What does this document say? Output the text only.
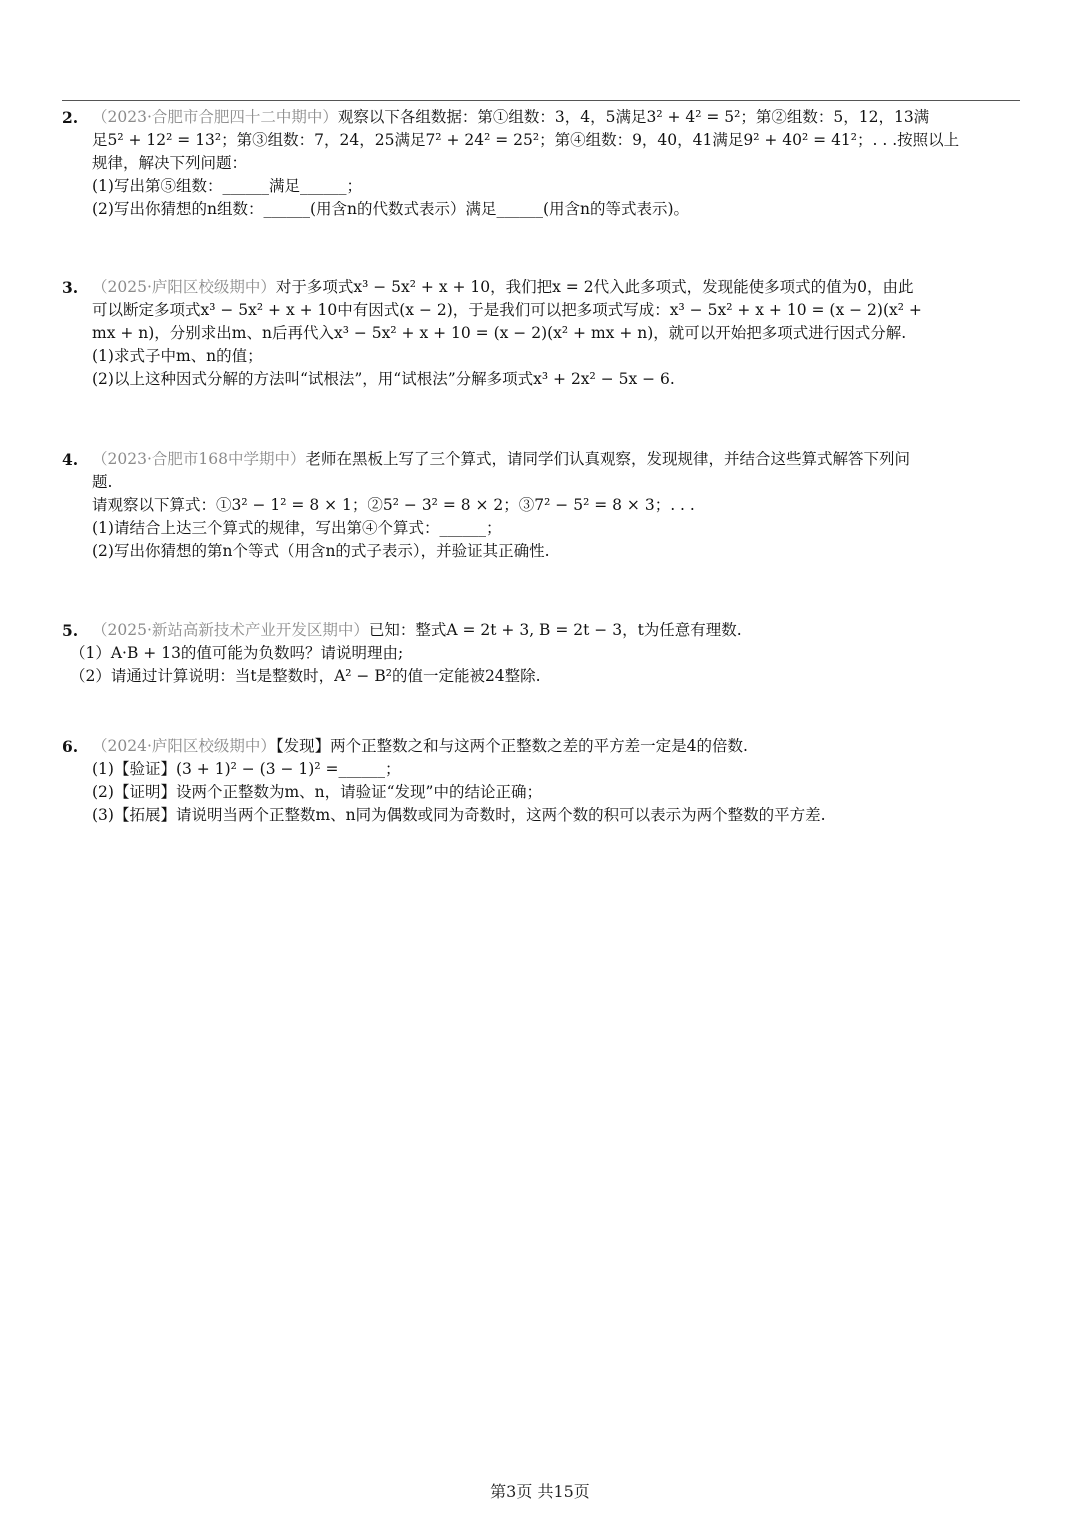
2. （2023·合肥市合肥四十二中期中）观察以下各组数据：第①组数：3，4，5满足3² + 4² = 5²；第②组数：5，12，13满
足5² + 12² = 13²；第③组数：7，24，25满足7² + 24² = 25²；第④组数：9，40，41满足9² + 40² = 41²；. . .按照以上
规律，解决下列问题：
(1)写出第⑤组数：______满足______；
(2)写出你猜想的n组数：______(用含n的代数式表示）满足______(用含n的等式表示)。
3. （2025·庐阳区校级期中）对于多项式x³ − 5x² + x + 10，我们把x = 2代入此多项式，发现能使多项式的值为0，由此
可以断定多项式x³ − 5x² + x + 10中有因式(x − 2)，于是我们可以把多项式写成：x³ − 5x² + x + 10 = (x − 2)(x² +
mx + n)，分别求出m、n后再代入x³ − 5x² + x + 10 = (x − 2)(x² + mx + n)，就可以开始把多项式进行因式分解.
(1)求式子中m、n的值；
(2)以上这种因式分解的方法叫“试根法”，用“试根法”分解多项式x³ + 2x² − 5x − 6.
4. （2023·合肥市168中学期中）老师在黑板上写了三个算式，请同学们认真观察，发现规律，并结合这些算式解答下列问
题.
请观察以下算式：①3² − 1² = 8 × 1；②5² − 3² = 8 × 2；③7² − 5² = 8 × 3；. . .
(1)请结合上达三个算式的规律，写出第④个算式：______；
(2)写出你猜想的第n个等式（用含n的式子表示），并验证其正确性.
5. （2025·新站高新技术产业开发区期中）已知：整式A = 2t + 3, B = 2t − 3，t为任意有理数.
（1）A·B + 13的值可能为负数吗？请说明理由;
（2）请通过计算说明：当t是整数时，A² − B²的值一定能被24整除.
6. （2024·庐阳区校级期中）【发现】两个正整数之和与这两个正整数之差的平方差一定是4的倍数.
(1)【验证】(3 + 1)² − (3 − 1)² =______；
(2)【证明】设两个正整数为m、n，请验证“发现”中的结论正确；
(3)【拓展】请说明当两个正整数m、n同为偶数或同为奇数时，这两个数的积可以表示为两个整数的平方差.
第3页 共15页
